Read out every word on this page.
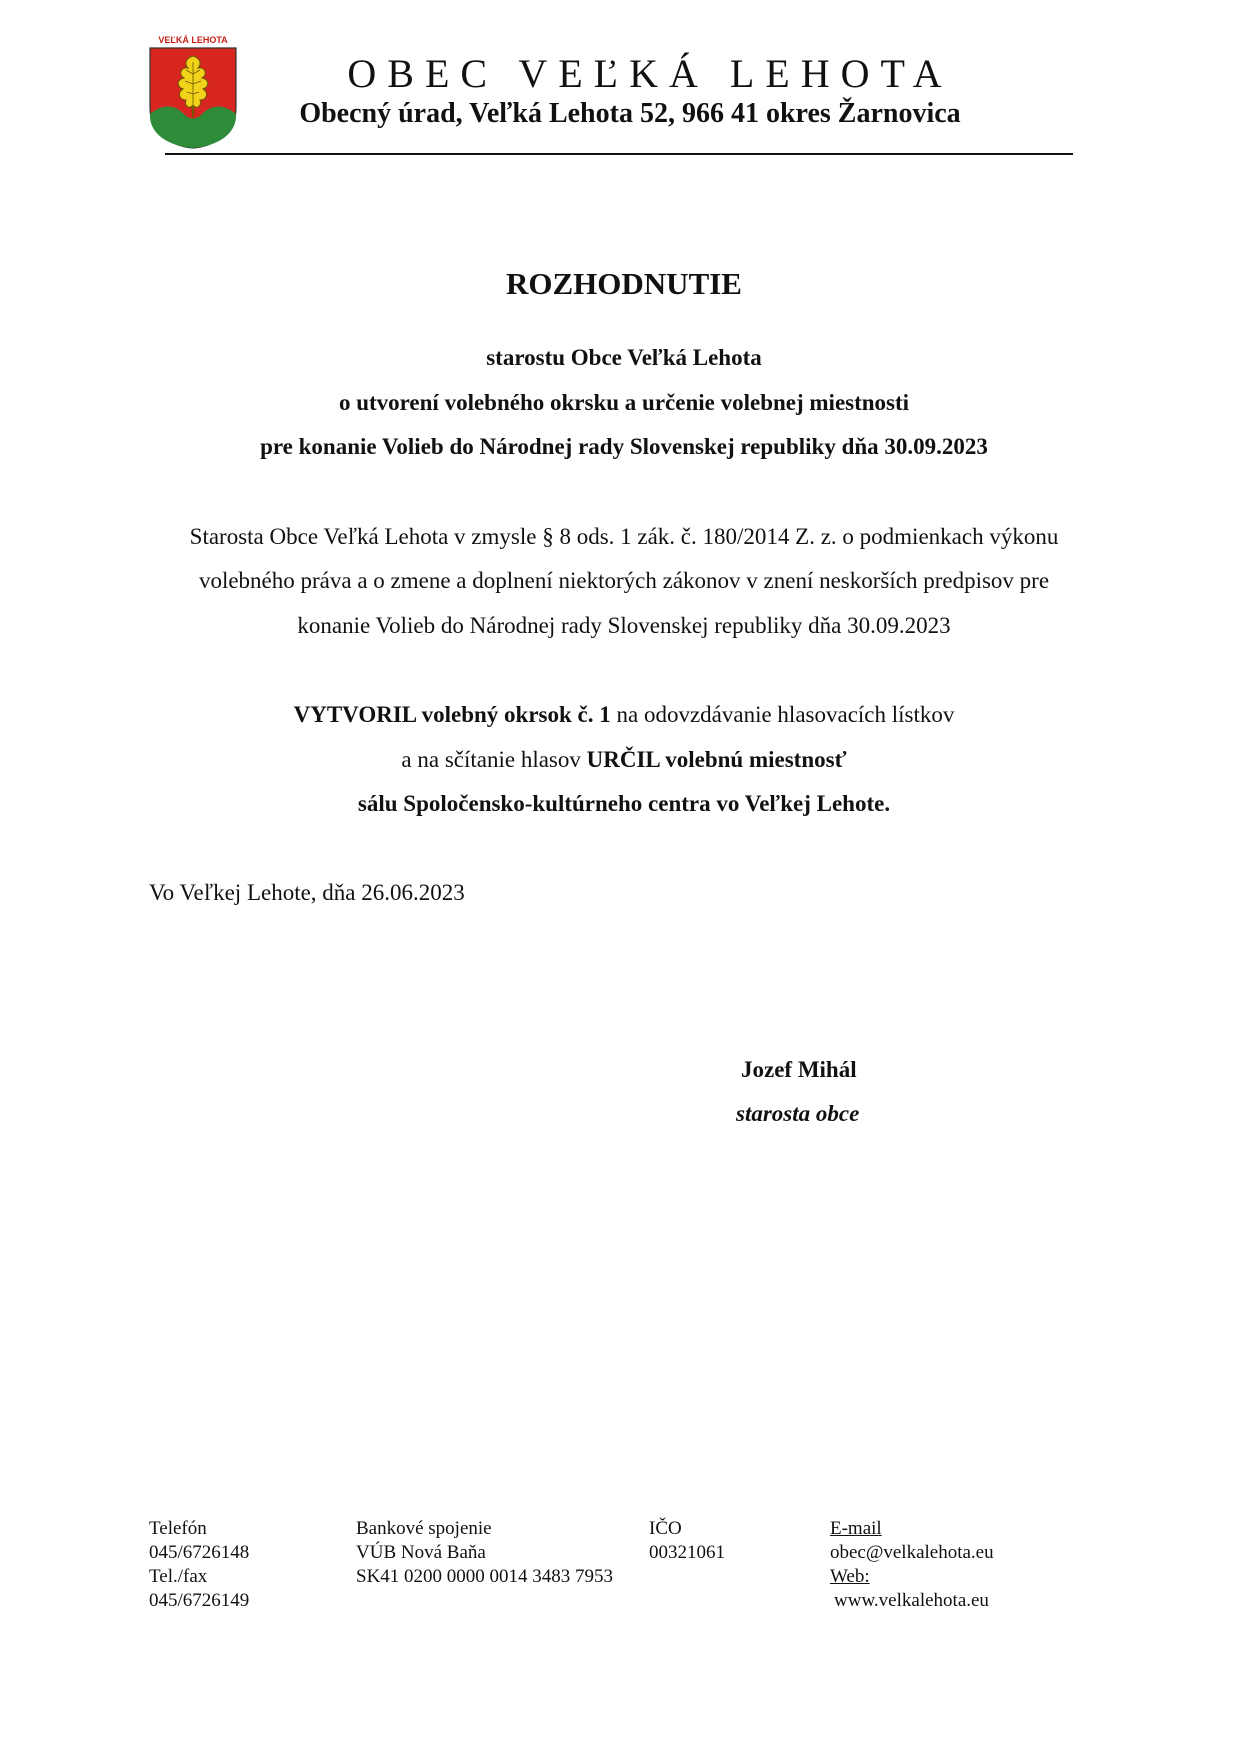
VEĽKÁ LEHOTA
OBEC VEĽKÁ LEHOTA
Obecný úrad, Veľká Lehota 52, 966 41 okres Žarnovica
ROZHODNUTIE
starostu Obce Veľká Lehota
o utvorení volebného okrsku a určenie volebnej miestnosti
pre konanie Volieb do Národnej rady Slovenskej republiky dňa 30.09.2023
Starosta Obce Veľká Lehota v zmysle § 8 ods. 1 zák. č. 180/2014 Z. z. o podmienkach výkonu
volebného práva a o zmene a doplnení niektorých zákonov v znení neskorších predpisov pre
konanie Volieb do Národnej rady Slovenskej republiky dňa 30.09.2023
VYTVORIL volebný okrsok č. 1 na odovzdávanie hlasovacích lístkov
a na sčítanie hlasov URČIL volebnú miestnosť
sálu Spoločensko-kultúrneho centra vo Veľkej Lehote.
Vo Veľkej Lehote, dňa 26.06.2023
Jozef Mihál
starosta obce
Telefón
045/6726148
Tel./fax
045/6726149
Bankové spojenie
VÚB Nová Baňa
SK41 0200 0000 0014 3483 7953
IČO
00321061
E-mail
obec@velkalehota.eu
Web:
www.velkalehota.eu
